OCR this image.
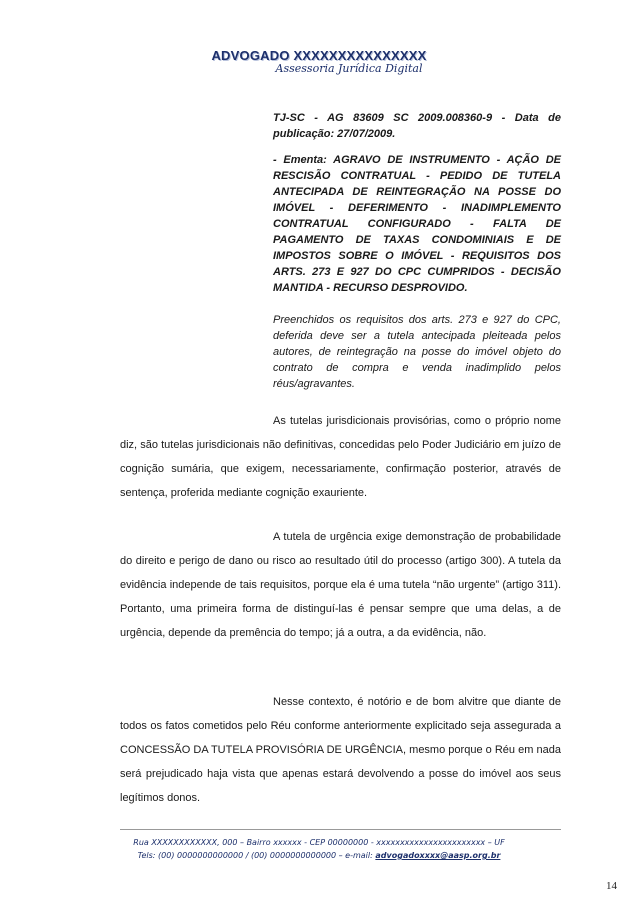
ADVOGADO XXXXXXXXXXXXXXX
Assessoria Jurídica Digital

TJ-SC - AG 83609 SC 2009.008360-9 - Data de publicação: 27/07/2009.

- Ementa: AGRAVO DE INSTRUMENTO - AÇÃO DE RESCISÃO CONTRATUAL - PEDIDO DE TUTELA ANTECIPADA DE REINTEGRAÇÃO NA POSSE DO IMÓVEL - DEFERIMENTO - INADIMPLEMENTO CONTRATUAL CONFIGURADO - FALTA DE PAGAMENTO DE TAXAS CONDOMINIAIS E DE IMPOSTOS SOBRE O IMÓVEL - REQUISITOS DOS ARTS. 273 E 927 DO CPC CUMPRIDOS - DECISÃO MANTIDA - RECURSO DESPROVIDO.

Preenchidos os requisitos dos arts. 273 e 927 do CPC, deferida deve ser a tutela antecipada pleiteada pelos autores, de reintegração na posse do imóvel objeto do contrato de compra e venda inadimplido pelos réus/agravantes.

As tutelas jurisdicionais provisórias, como o próprio nome diz, são tutelas jurisdicionais não definitivas, concedidas pelo Poder Judiciário em juízo de cognição sumária, que exigem, necessariamente, confirmação posterior, através de sentença, proferida mediante cognição exauriente.

A tutela de urgência exige demonstração de probabilidade do direito e perigo de dano ou risco ao resultado útil do processo (artigo 300). A tutela da evidência independe de tais requisitos, porque ela é uma tutela “não urgente” (artigo 311). Portanto, uma primeira forma de distinguí-las é pensar sempre que uma delas, a de urgência, depende da premência do tempo; já a outra, a da evidência, não.

Nesse contexto, é notório e de bom alvitre que diante de todos os fatos cometidos pelo Réu conforme anteriormente explicitado seja assegurada a CONCESSÃO DA TUTELA PROVISÓRIA DE URGÊNCIA, mesmo porque o Réu em nada será prejudicado haja vista que apenas estará devolvendo a posse do imóvel aos seus legítimos donos.

Rua XXXXXXXXXXXX, 000 – Bairro xxxxxx - CEP 00000000 - xxxxxxxxxxxxxxxxxxxxxxx – UF
Tels: (00) 0000000000000 / (00) 0000000000000 – e-mail: advogadoxxxx@aasp.org.br
14
